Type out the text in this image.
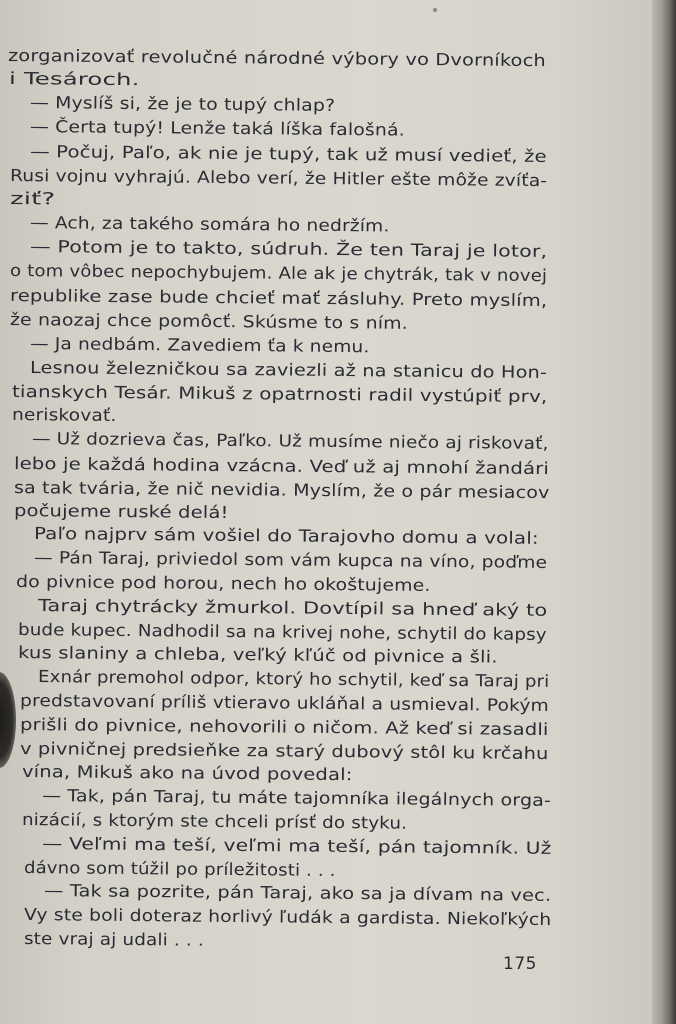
zorganizovať revolučné národné výbory vo Dvorníkoch
i Tesároch.
— Myslíš si, že je to tupý chlap?
— Čerta tupý! Lenže taká líška falošná.
— Počuj, Paľo, ak nie je tupý, tak už musí vedieť, že
Rusi vojnu vyhrajú. Alebo verí, že Hitler ešte môže zvíťa-
ziť?
— Ach, za takého somára ho nedržím.
— Potom je to takto, súdruh. Že ten Taraj je lotor,
o tom vôbec nepochybujem. Ale ak je chytrák, tak v novej
republike zase bude chcieť mať zásluhy. Preto myslím,
že naozaj chce pomôcť. Skúsme to s ním.
— Ja nedbám. Zavediem ťa k nemu.
Lesnou železničkou sa zaviezli až na stanicu do Hon-
tianskych Tesár. Mikuš z opatrnosti radil vystúpiť prv,
neriskovať.
— Už dozrieva čas, Paľko. Už musíme niečo aj riskovať,
lebo je každá hodina vzácna. Veď už aj mnohí žandári
sa tak tvária, že nič nevidia. Myslím, že o pár mesiacov
počujeme ruské delá!
Paľo najprv sám vošiel do Tarajovho domu a volal:
— Pán Taraj, priviedol som vám kupca na víno, poďme
do pivnice pod horou, nech ho okoštujeme.
Taraj chytrácky žmurkol. Dovtípil sa hneď aký to
bude kupec. Nadhodil sa na krivej nohe, schytil do kapsy
kus slaniny a chleba, veľký kľúč od pivnice a šli.
Exnár premohol odpor, ktorý ho schytil, keď sa Taraj pri
predstavovaní príliš vtieravo ukláňal a usmieval. Pokým
prišli do pivnice, nehovorili o ničom. Až keď si zasadli
v pivničnej predsieňke za starý dubový stôl ku krčahu
vína, Mikuš ako na úvod povedal:
— Tak, pán Taraj, tu máte tajomníka ilegálnych orga-
nizácií, s ktorým ste chceli prísť do styku.
— Veľmi ma teší, veľmi ma teší, pán tajomník. Už
dávno som túžil po príležitosti . . .
— Tak sa pozrite, pán Taraj, ako sa ja dívam na vec.
Vy ste boli doteraz horlivý ľudák a gardista. Niekoľkých
ste vraj aj udali . . .
175
